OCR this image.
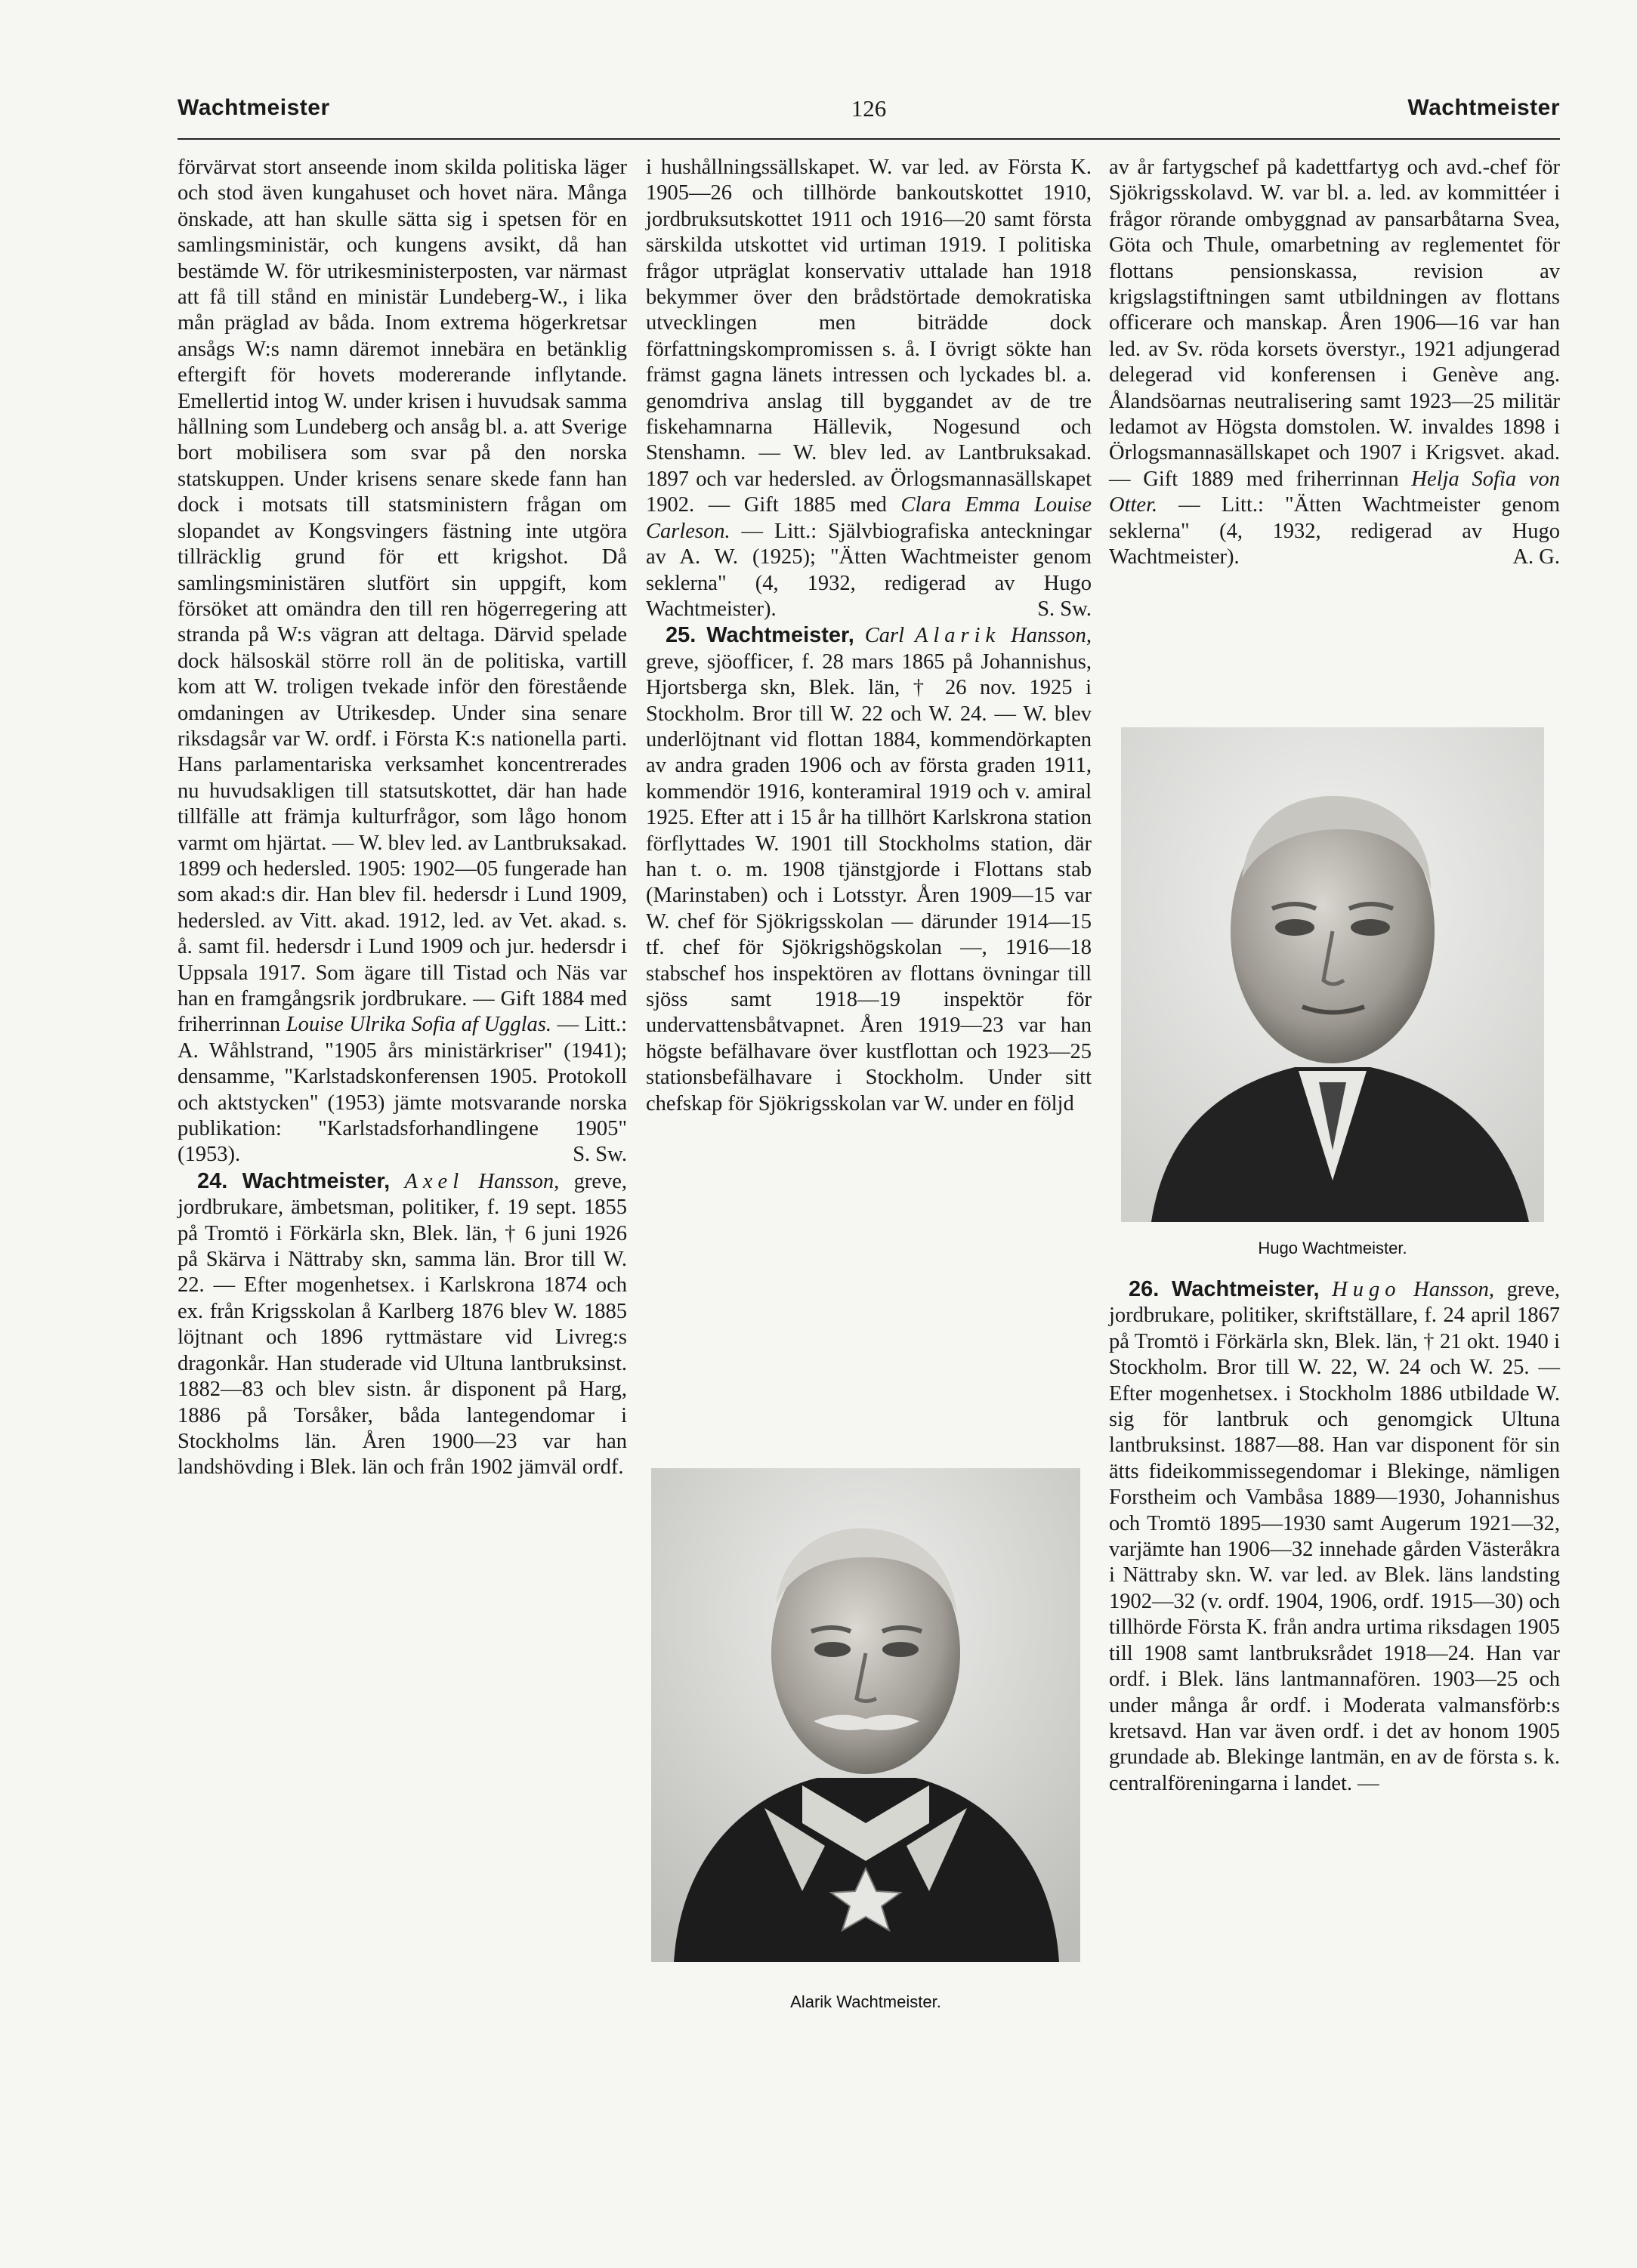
Wachtmeister	126	Wachtmeister

förvärvat stort anseende inom skilda politiska läger och stod även kungahuset och hovet nära. Många önskade, att han skulle sätta sig i spetsen för en samlingsministär, och kungens avsikt, då han bestämde W. för utrikesministerposten, var närmast att få till stånd en ministär Lundeberg-W., i lika mån präglad av båda. Inom extrema högerkretsar ansågs W:s namn däremot innebära en betänklig eftergift för hovets modererande inflytande. Emellertid intog W. under krisen i huvudsak samma hållning som Lundeberg och ansåg bl. a. att Sverige bort mobilisera som svar på den norska statskuppen. Under krisens senare skede fann han dock i motsats till statsministern frågan om slopandet av Kongsvingers fästning inte utgöra tillräcklig grund för ett krigshot. Då samlingsministären slutfört sin uppgift, kom försöket att omändra den till ren högerregering att stranda på W:s vägran att deltaga. Därvid spelade dock hälsoskäl större roll än de politiska, vartill kom att W. troligen tvekade inför den förestående omdaningen av Utrikesdep. Under sina senare riksdagsår var W. ordf. i Första K:s nationella parti. Hans parlamentariska verksamhet koncentrerades nu huvudsakligen till statsutskottet, där han hade tillfälle att främja kulturfrågor, som lågo honom varmt om hjärtat. — W. blev led. av Lantbruksakad. 1899 och hedersled. 1905: 1902—05 fungerade han som akad:s dir. Han blev fil. hedersdr i Lund 1909, hedersled. av Vitt. akad. 1912, led. av Vet. akad. s. å. samt fil. hedersdr i Lund 1909 och jur. hedersdr i Uppsala 1917. Som ägare till Tistad och Näs var han en framgångsrik jordbrukare. — Gift 1884 med friherrinnan Louise Ulrika Sofia af Ugglas. — Litt.: A. Wåhlstrand, "1905 års ministärkriser" (1941); densamme, "Karlstadskonferensen 1905. Protokoll och aktstycken" (1953) jämte motsvarande norska publikation: "Karlstadsforhandlingene 1905" (1953).	S. Sw.

24. Wachtmeister, Axel Hansson, greve, jordbrukare, ämbetsman, politiker, f. 19 sept. 1855 på Tromtö i Förkärla skn, Blek. län, † 6 juni 1926 på Skärva i Nättraby skn, samma län. Bror till W. 22. — Efter mogenhetsex. i Karlskrona 1874 och ex. från Krigsskolan å Karlberg 1876 blev W. 1885 löjtnant och 1896 ryttmästare vid Livreg:s dragonkår. Han studerade vid Ultuna lantbruksinst. 1882—83 och blev sistn. år disponent på Harg, 1886 på Torsåker, båda lantegendomar i Stockholms län. Åren 1900—23 var han landshövding i Blek. län och från 1902 jämväl ordf.

i hushållningssällskapet. W. var led. av Första K. 1905—26 och tillhörde bankoutskottet 1910, jordbruksutskottet 1911 och 1916—20 samt första särskilda utskottet vid urtiman 1919. I politiska frågor utpräglat konservativ uttalade han 1918 bekymmer över den brådstörtade demokratiska utvecklingen men biträdde dock författningskompromissen s. å. I övrigt sökte han främst gagna länets intressen och lyckades bl. a. genomdriva anslag till byggandet av de tre fiskehamnarna Hällevik, Nogesund och Stenshamn. — W. blev led. av Lantbruksakad. 1897 och var hedersled. av Örlogsmannasällskapet 1902. — Gift 1885 med Clara Emma Louise Carleson. — Litt.: Självbiografiska anteckningar av A. W. (1925); "Ätten Wachtmeister genom seklerna" (4, 1932, redigerad av Hugo Wachtmeister).	S. Sw.

25. Wachtmeister, Carl Alarik Hansson, greve, sjöofficer, f. 28 mars 1865 på Johannishus, Hjortsberga skn, Blek. län, † 26 nov. 1925 i Stockholm. Bror till W. 22 och W. 24. — W. blev underlöjtnant vid flottan 1884, kommendörkapten av andra graden 1906 och av första graden 1911, kommendör 1916, konteramiral 1919 och v. amiral 1925. Efter att i 15 år ha tillhört Karlskrona station förflyttades W. 1901 till Stockholms station, där han t. o. m. 1908 tjänstgjorde i Flottans stab (Marinstaben) och i Lotsstyr. Åren 1909—15 var W. chef för Sjökrigsskolan — därunder 1914—15 tf. chef för Sjökrigshögskolan —, 1916—18 stabschef hos inspektören av flottans övningar till sjöss samt 1918—19 inspektör för undervattensbåtvapnet. Åren 1919—23 var han högste befälhavare över kustflottan och 1923—25 stationsbefälhavare i Stockholm. Under sitt chefskap för Sjökrigsskolan var W. under en följd

av år fartygschef på kadettfartyg och avd.-chef för Sjökrigsskolavd. W. var bl. a. led. av kommittéer i frågor rörande ombyggnad av pansarbåtarna Svea, Göta och Thule, omarbetning av reglementet för flottans pensionskassa, revision av krigslagstiftningen samt utbildningen av flottans officerare och manskap. Åren 1906—16 var han led. av Sv. röda korsets överstyr., 1921 adjungerad delegerad vid konferensen i Genève ang. Ålandsöarnas neutralisering samt 1923—25 militär ledamot av Högsta domstolen. W. invaldes 1898 i Örlogsmannasällskapet och 1907 i Krigsvet. akad. — Gift 1889 med friherrinnan Helja Sofia von Otter. — Litt.: "Ätten Wachtmeister genom seklerna" (4, 1932, redigerad av Hugo Wachtmeister).	A. G.

Hugo Wachtmeister.

26. Wachtmeister, Hugo Hansson, greve, jordbrukare, politiker, skriftställare, f. 24 april 1867 på Tromtö i Förkärla skn, Blek. län, † 21 okt. 1940 i Stockholm. Bror till W. 22, W. 24 och W. 25. — Efter mogenhetsex. i Stockholm 1886 utbildade W. sig för lantbruk och genomgick Ultuna lantbruksinst. 1887—88. Han var disponent för sin ätts fideikommissegendomar i Blekinge, nämligen Forstheim och Vambåsa 1889—1930, Johannishus och Tromtö 1895—1930 samt Augerum 1921—32, varjämte han 1906—32 innehade gården Västeråkra i Nättraby skn. W. var led. av Blek. läns landsting 1902—32 (v. ordf. 1904, 1906, ordf. 1915—30) och tillhörde Första K. från andra urtima riksdagen 1905 till 1908 samt lantbruksrådet 1918—24. Han var ordf. i Blek. läns lantmannafören. 1903—25 och under många år ordf. i Moderata valmansförb:s kretsavd. Han var även ordf. i det av honom 1905 grundade ab. Blekinge lantmän, en av de första s. k. centralföreningarna i landet. —

Alarik Wachtmeister.
